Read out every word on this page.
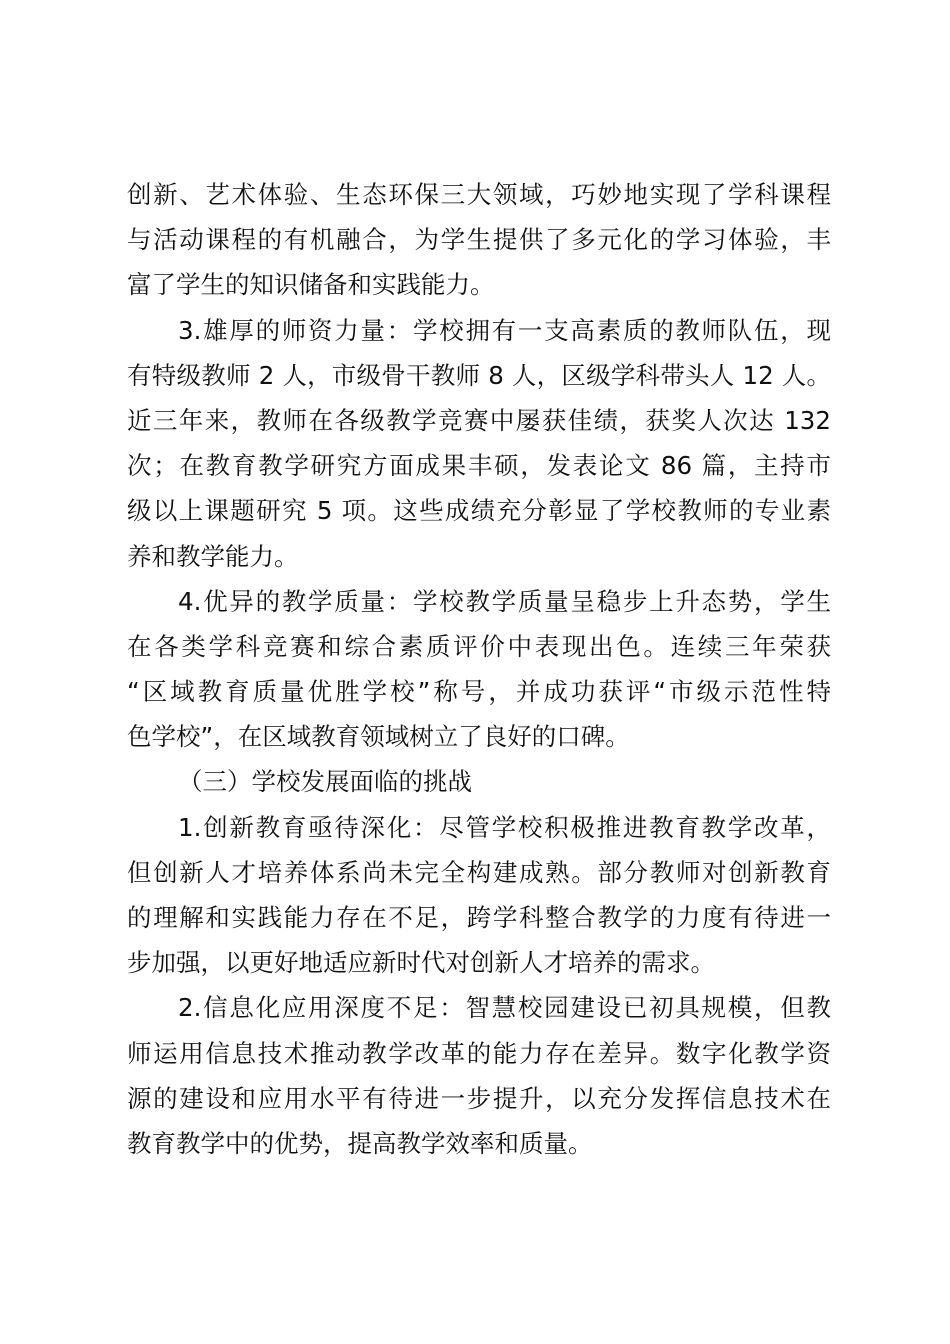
创新、艺术体验、生态环保三大领域，巧妙地实现了学科课程
与活动课程的有机融合，为学生提供了多元化的学习体验，丰
富了学生的知识储备和实践能力。
3.雄厚的师资力量：学校拥有一支高素质的教师队伍，现
有特级教师 2 人，市级骨干教师 8 人，区级学科带头人 12 人。
近三年来，教师在各级教学竞赛中屡获佳绩，获奖人次达 132
次；在教育教学研究方面成果丰硕，发表论文 86 篇，主持市
级以上课题研究 5 项。这些成绩充分彰显了学校教师的专业素
养和教学能力。
4.优异的教学质量：学校教学质量呈稳步上升态势，学生
在各类学科竞赛和综合素质评价中表现出色。连续三年荣获
“区域教育质量优胜学校”称号，并成功获评“市级示范性特
色学校”，在区域教育领域树立了良好的口碑。
（三）学校发展面临的挑战
1.创新教育亟待深化：尽管学校积极推进教育教学改革，
但创新人才培养体系尚未完全构建成熟。部分教师对创新教育
的理解和实践能力存在不足，跨学科整合教学的力度有待进一
步加强，以更好地适应新时代对创新人才培养的需求。
2.信息化应用深度不足：智慧校园建设已初具规模，但教
师运用信息技术推动教学改革的能力存在差异。数字化教学资
源的建设和应用水平有待进一步提升，以充分发挥信息技术在
教育教学中的优势，提高教学效率和质量。
